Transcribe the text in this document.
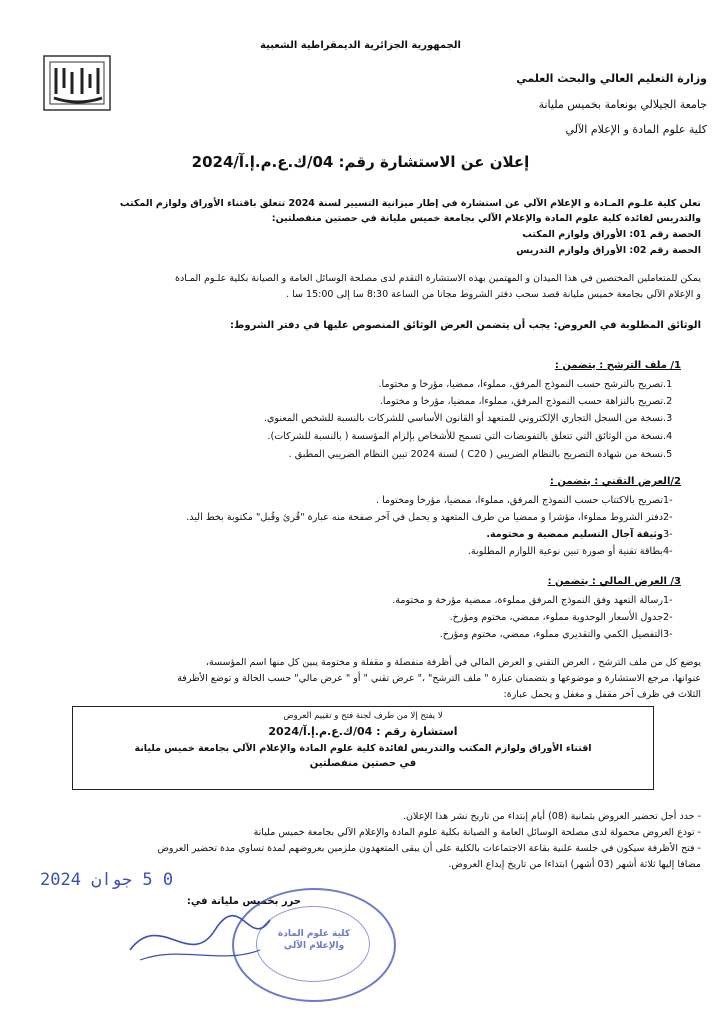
الجمهورية الجزائرية الديمقراطية الشعبية
وزارة التعليم العالي والبحث العلمي
جامعة الجيلالي بونعامة بخميس مليانة
كلية علوم المادة و الإعلام الآلي
إعلان عن الاستشارة رقم: 04/ك.ع.م.إ.آ/2024
تعلن كلية علـوم المـادة و الإعلام الآلي عن استشارة في إطار ميزانية التسيير لسنة 2024 تتعلق باقتناء الأوراق ولوازم المكتب
والتدريس لفائدة كلية علوم المادة والإعلام الآلي بجامعة خميس مليانة في حصتين منفصلتين:
الحصة رقم 01: الأوراق ولوازم المكتب
الحصة رقم 02: الأوراق ولوازم التدريس
يمكن للمتعاملين المختصين في هذا الميدان و المهتمين بهذه الاستشارة التقدم لدى مصلحة الوسائل العامة و الصيانة بكلية علـوم المـادة
و الإعلام الآلي بجامعة خميس مليانة قصد سحب دفتر الشروط مجانا من الساعة 8:30 سا إلى 15:00 سا .
الوثائق المطلوبة في العروض: يجب أن يتضمن العرض الوثائق المنصوص عليها في دفتر الشروط:
1/ ملف الترشح : يتضمن :
1.تصريح بالترشح حسب النموذج المرفق، مملوءا، ممضيا، مؤرخا و مختوما.
2.تصريح بالنزاهة حسب النموذج المرفق، مملوءا، ممضيا، مؤرخا و مختوما.
3.نسخة من السجل التجاري الإلكتروني للمتعهد أو القانون الأساسي للشركات بالنسبة للشخص المعنوي.
4.نسخة من الوثائق التي تتعلق بالتفويضات التي تسمح للأشخاص بإلزام المؤسسة ( بالنسبة للشركات).
5.نسخة من شهادة التصريح بالنظام الضريبي ( C20 ) لسنة 2024 تبين النظام الضريبي المطبق .
2/العرض التقني : يتضمن :
-1تصريح بالاكتتاب حسب النموذج المرفق، مملوءا، ممضيا، مؤرخا ومختوما .
-2دفتر الشروط مملوءا، مؤشرا و ممضيا من طرف المتعهد و يحمل في آخر صفحة منه عبارة "قُرئ وقُبل" مكتوبة بخط اليد.
-3وثيقة آجال التسليم ممضية و مختومة.
-4بطاقة تقنية أو صورة تبين نوعية اللوازم المطلوبة.
3/ العرض المالي : يتضمن :
-1رسالة التعهد وفق النموذج المرفق مملوءة، ممضية مؤرخة و مختومة.
-2جدول الأسعار الوحدوية مملوء، ممضي، مختوم ومؤرخ.
-3التفصيل الكمي والتقديري مملوء، ممضي، مختوم ومؤرخ.
يوضع كل من ملف الترشح ، العرض التقني و العرض المالي في أظرفة منفصلة و مقفلة و مختومة يبين كل منها اسم المؤسسة،
عنوانها، مرجع الاستشارة و موضوعها و بتضمنان عبارة " ملف الترشح" ،" عرض تقني " أو " عرض مالي" حسب الحالة و توضع الأظرفة
الثلاث في ظرف آخر مقفل و مغفل و يحمل عبارة:
لا يفتح إلا من طرف لجنة فتح و تقييم العروض
استشارة رقم : 04/ك.ع.م.إ.آ/2024
اقتناء الأوراق ولوازم المكتب والتدريس لفائدة كلية علوم المادة والإعلام الآلي بجامعة خميس مليانة
في حصتين منفصلتين
- حدد أجل تحضير العروض بثمانية (08) أيام إبتداء من تاريخ نشر هذا الإعلان.
- تودع العروض محمولة لدى مصلحة الوسائل العامة و الصيانة بكلية علوم المادة والإعلام الآلي بجامعة خميس مليانة
- فتح الأظرفة سيكون في جلسة علنية بقاعة الاجتماعات بالكلية على أن يبقى المتعهدون ملزمين بعروضهم لمدة تساوي مدة تحضير العروض
مضافا إليها ثلاثة أشهر (03 أشهر) ابتداءا من تاريخ إيداع العروض.
0 5 جوان 2024
حرر بخميس مليانة في:
كلية علوم المادة والإعلام الآلي
